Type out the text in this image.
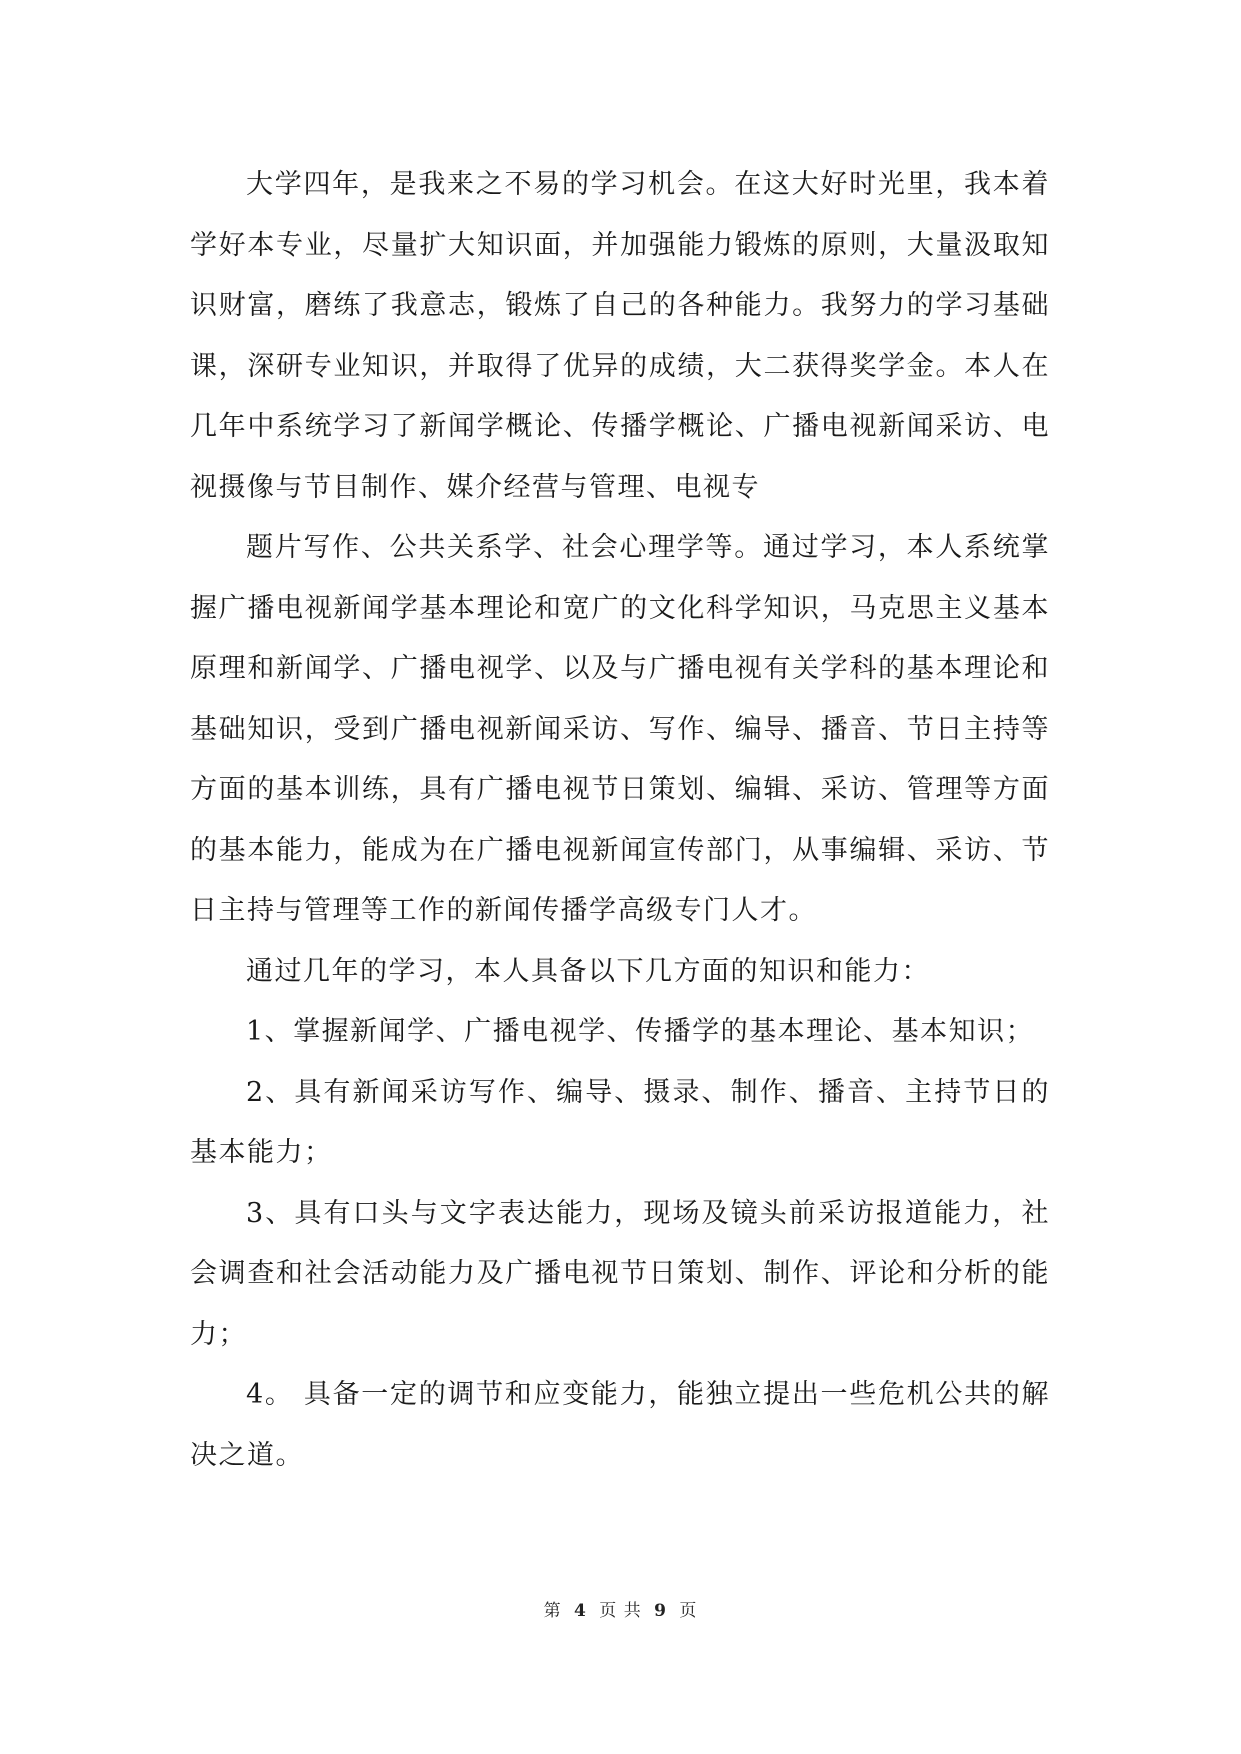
大学四年，是我来之不易的学习机会。在这大好时光里，我本着学好本专业，尽量扩大知识面，并加强能力锻炼的原则，大量汲取知识财富，磨练了我意志，锻炼了自己的各种能力。我努力的学习基础课，深研专业知识，并取得了优异的成绩，大二获得奖学金。本人在几年中系统学习了新闻学概论、传播学概论、广播电视新闻采访、电视摄像与节目制作、媒介经营与管理、电视专

题片写作、公共关系学、社会心理学等。通过学习，本人系统掌握广播电视新闻学基本理论和宽广的文化科学知识，马克思主义基本原理和新闻学、广播电视学、以及与广播电视有关学科的基本理论和基础知识，受到广播电视新闻采访、写作、编导、播音、节日主持等方面的基本训练，具有广播电视节日策划、编辑、采访、管理等方面的基本能力，能成为在广播电视新闻宣传部门，从事编辑、采访、节日主持与管理等工作的新闻传播学高级专门人才。

通过几年的学习，本人具备以下几方面的知识和能力：

1、掌握新闻学、广播电视学、传播学的基本理论、基本知识；

2、具有新闻采访写作、编导、摄录、制作、播音、主持节日的基本能力；

3、具有口头与文字表达能力，现场及镜头前采访报道能力，社会调查和社会活动能力及广播电视节日策划、制作、评论和分析的能力；

4。 具备一定的调节和应变能力，能独立提出一些危机公共的解决之道。

第 4 页 共 9 页
